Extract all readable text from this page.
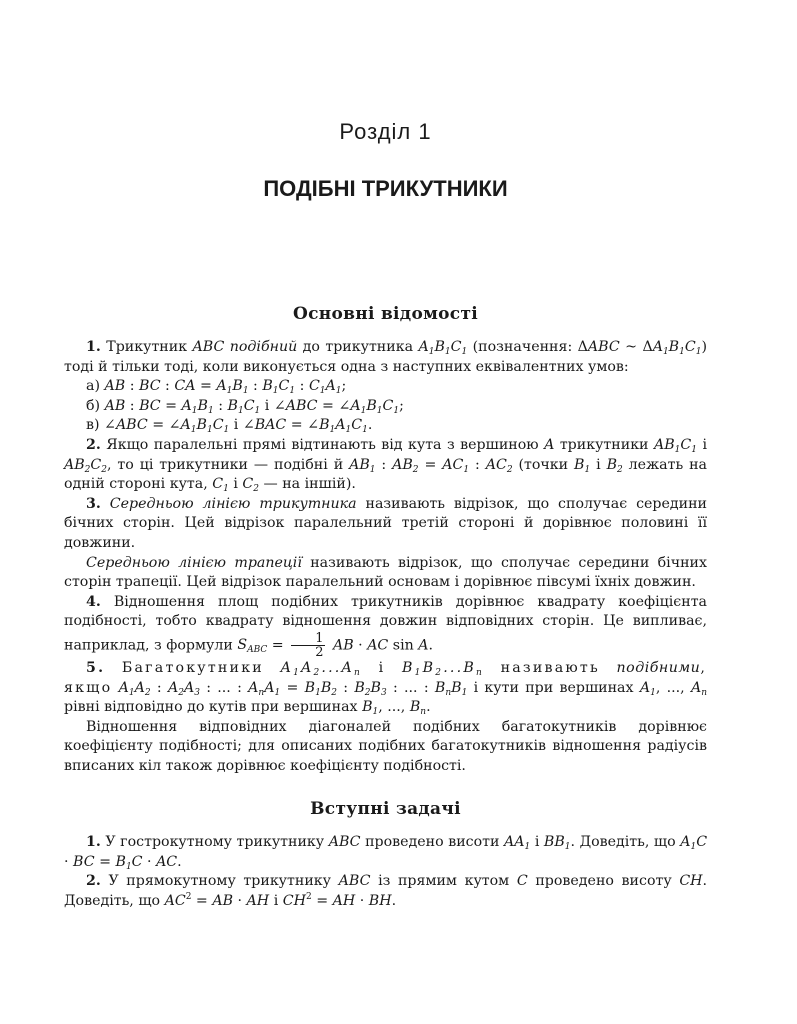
Розділ 1
ПОДІБНІ ТРИКУТНИКИ
Основні відомості

1. Трикутник ABC подібний до трикутника $A_1B_1C_1$ (позначення: ΔABC ~ $\Delta A_1B_1C_1$) тоді й тільки тоді, коли виконується одна з наступних еквівалентних умов:

а) AB : BC : CA = $A_1B_1$ : $B_1C_1$ : $C_1A_1$;

б) AB : BC = $A_1B_1$ : $B_1C_1$ і ∠ABC = $\angle A_1B_1C_1$;

в) ∠ABC = $\angle A_1B_1C_1$ і ∠BAC = $\angle B_1A_1C_1$.

2. Якщо паралельні прямі відтинають від кута з вершиною A трикутники $AB_1C_1$ і $AB_2C_2$, то ці трикутники — подібні й $AB_1$ : $AB_2 = AC_1$ : $AC_2$ (точки $B_1$ і $B_2$ лежать на одній стороні кута, $C_1$ і $C_2$ — на іншій).

3. Середньою лінією трикутника називають відрізок, що сполучає середини бічних сторін. Цей відрізок паралельний третій стороні й дорівнює половині її довжини.

Середньою лінією трапеції називають відрізок, що сполучає середини бічних сторін трапеції. Цей відрізок паралельний основам і дорівнює півсумі їхніх довжин.

4. Відношення площ подібних трикутників дорівнює квадрату коефіцієнта подібності, тобто квадрату відношення довжин відповідних сторін. Це випливає, наприклад, з формули $S_{ABC} = \frac{1}{2}$ AB · AC sin A.

5. Багатокутники $A_1A_2...A_n$ і $B_1B_2...B_n$ називають подібними, якщо $A_1A_2$ : $A_2A_3$ : ... : $A_nA_1 = B_1B_2$ : $B_2B_3$ : ... : $B_nB_1$ і кути при вершинах $A_1$, ..., $A_n$ рівні відповідно до кутів при вершинах $B_1$, ..., $B_n$.

Відношення відповідних діагоналей подібних багатокутників дорівнює коефіцієнту подібності; для описаних подібних багатокутників відношення радіусів вписаних кіл також дорівнює коефіцієнту подібності.

Вступні задачі

1. У гострокутному трикутнику ABC проведено висоти $AA_1$ і $BB_1$. Доведіть, що $A_1C$ · BC = $B_1C$ · AC.

2. У прямокутному трикутнику ABC із прямим кутом C проведено висоту CH. Доведіть, що $AC^2$ = AB · AH і $CH^2$ = AH · BH.
